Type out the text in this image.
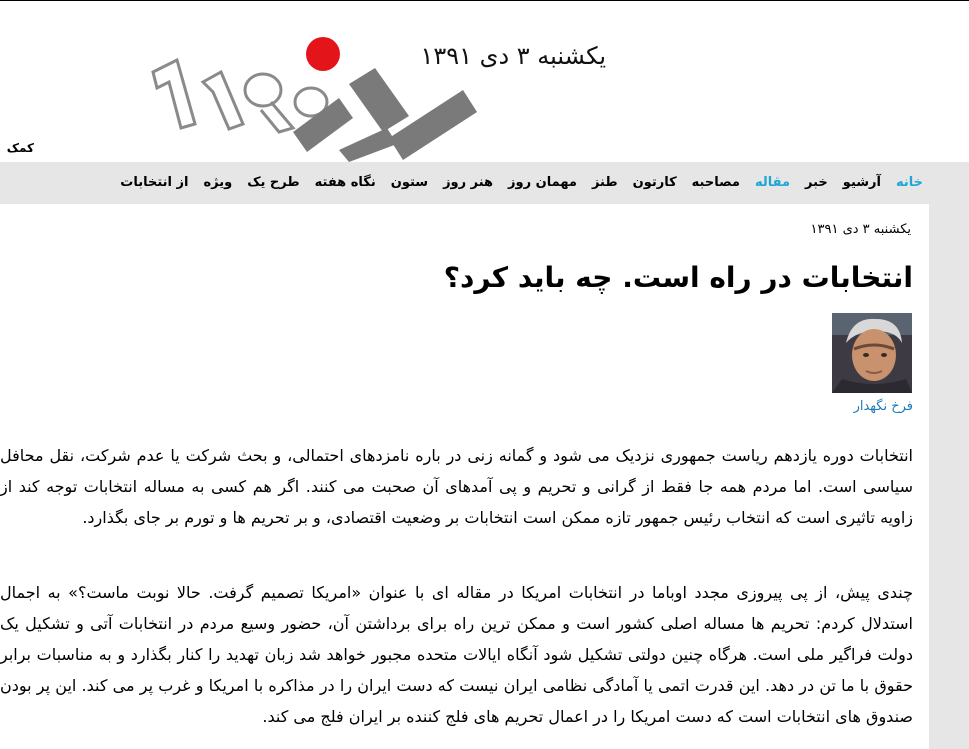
یکشنبه ۳ دی ۱۳۹۱
کمک
خانه
آرشیو
خبر
مقاله
مصاحبه
کارتون
طنز
مهمان روز
هنر روز
ستون
نگاه هفته
طرح یک
ویژه
از انتخابات
یکشنبه ۳ دی ۱۳۹۱
انتخابات در راه است. چه باید کرد؟
فرخ نگهدار

انتخابات دوره یازدهم ریاست جمهوری نزدیک می شود و گمانه زنی در باره نامزدهای احتمالی، و بحث شرکت یا عدم شرکت، نقل محافل سیاسی است. اما مردم همه جا فقط از گرانی و تحریم و پی آمدهای آن صحبت می کنند. اگر هم کسی به مساله انتخابات توجه کند از زاویه تاثیری است که انتخاب رئیس جمهور تازه ممکن است انتخابات بر وضعیت اقتصادی، و بر تحریم ها و تورم بر جای بگذارد.

چندی پیش، از پی پیروزی مجدد اوباما در انتخابات امریکا در مقاله ای با عنوان «امریکا تصمیم گرفت. حالا نوبت ماست؟» به اجمال استدلال کردم: تحریم ها مساله اصلی کشور است و ممکن ترین راه برای برداشتن آن، حضور وسیع مردم در انتخابات آتی و تشکیل یک دولت فراگیر ملی است. هرگاه چنین دولتی تشکیل شود آنگاه ایالات متحده مجبور خواهد شد زبان تهدید را کنار بگذارد و به مناسبات برابر حقوق با ما تن در دهد. این قدرت اتمی یا آمادگی نظامی ایران نیست که دست ایران را در مذاکره با امریکا و غرب پر می کند. این پر بودن صندوق های انتخابات است که دست امریکا را در اعمال تحریم های فلج کننده بر ایران فلج می کند.
